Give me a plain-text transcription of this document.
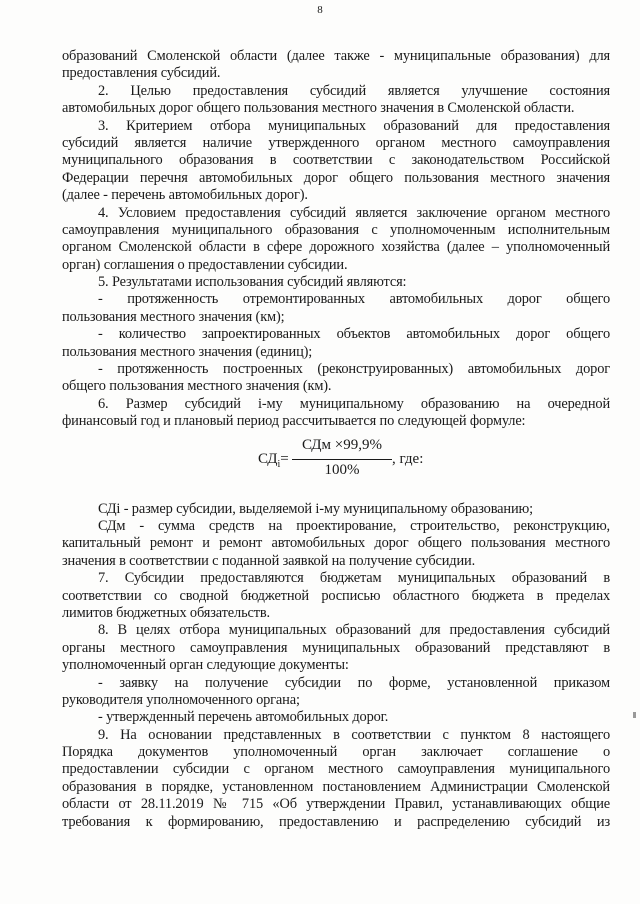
8
образований Смоленской области (далее также - муниципальные образования) для
предоставления субсидий.
2. Целью предоставления субсидий является улучшение состояния
автомобильных дорог общего пользования местного значения в Смоленской области.
3. Критерием отбора муниципальных образований для предоставления
субсидий является наличие утвержденного органом местного самоуправления
муниципального образования в соответствии с законодательством Российской
Федерации перечня автомобильных дорог общего пользования местного значения
(далее - перечень автомобильных дорог).
4. Условием предоставления субсидий является заключение органом местного
самоуправления муниципального образования с уполномоченным исполнительным
органом Смоленской области в сфере дорожного хозяйства (далее – уполномоченный
орган) соглашения о предоставлении субсидии.
5. Результатами использования субсидий являются:
- протяженность отремонтированных автомобильных дорог общего
пользования местного значения (км);
- количество запроектированных объектов автомобильных дорог общего
пользования местного значения (единиц);
- протяженность построенных (реконструированных) автомобильных дорог
общего пользования местного значения (км).
6. Размер субсидий i-му муниципальному образованию на очередной
финансовый год и плановый период рассчитывается по следующей формуле:
$СД_i=$
СДм ×99,9%
100%
, где:
СДi - размер субсидии, выделяемой i-му муниципальному образованию;
СДм - сумма средств на проектирование, строительство, реконструкцию,
капитальный ремонт и ремонт автомобильных дорог общего пользования местного
значения в соответствии с поданной заявкой на получение субсидии.
7. Субсидии предоставляются бюджетам муниципальных образований в
соответствии со сводной бюджетной росписью областного бюджета в пределах
лимитов бюджетных обязательств.
8. В целях отбора муниципальных образований для предоставления субсидий
органы местного самоуправления муниципальных образований представляют в
уполномоченный орган следующие документы:
- заявку на получение субсидии по форме, установленной приказом
руководителя уполномоченного органа;
- утвержденный перечень автомобильных дорог.
9. На основании представленных в соответствии с пунктом 8 настоящего
Порядка документов уполномоченный орган заключает соглашение о
предоставлении субсидии с органом местного самоуправления муниципального
образования в порядке, установленном постановлением Администрации Смоленской
области от 28.11.2019 № 715 «Об утверждении Правил, устанавливающих общие
требования к формированию, предоставлению и распределению субсидий из
